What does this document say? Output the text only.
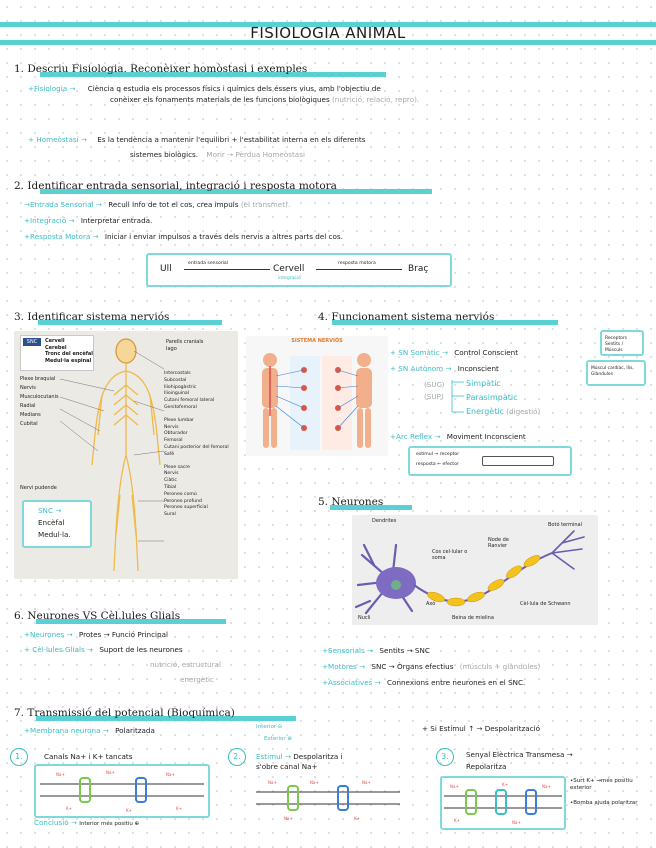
FISIOLOGIA ANIMAL
1. Descriu Fisiologia. Reconèixer homòstasi i exemples
+Fisiologia → Ciència q estudia els processos físics i químics dels éssers vius, amb l'objectiu de
conèixer els fonaments materials de les funcions biològiques (nutrició, relació, repro).
+ Homeòstasi → Es la tendència a mantenir l'equilibri + l'estabilitat interna en els diferents
sistemes biològics. Morir → Pèrdua Homeòstasi
2. Identificar entrada sensorial, integració i resposta motora
→Entrada Sensorial → Recull info de tot el cos, crea impuls (el transmet).
+Integració → Interpretar entrada.
+Resposta Motora → Iniciar i enviar impulsos a través dels nervis a altres parts del cos.
Ull
entrada sensorial
Cervell
integració
resposta motora
Braç
3. Identificar sistema nerviós
SNC	Cervell
Cerebel
Tronc del encèfal
Medul·la espinal
Plexe braquial
Nervis
Musculocutanis
Radial
Medians
Cubital
Nervi pudende
Parells cranials
Iago
Intercostals
Subcostal
Iliohipogàstric
Ilioinguinal
Cutani femoral lateral
Genitofemoral
Plexe lumbar
Nervis
Obturador
Femoral
Cutani posterior del femoral
Safè
Plexe sacre
Nervis
Ciàtic
Tibial
Peroneo comú
Peroneo profund
Peroneo superficial
Sural
SNC →
Encèfal
Medul·la.
4. Funcionament sistema nerviós
SISTEMA NERVIÓS
+ SN Somàtic → Control Conscient
+ SN Autònom → Inconscient
(SUC)
(SUP)
Simpàtic
Parasimpàtic
Energètic (digestió)
+Arc Reflex → Moviment Inconscient
Receptors Sentits / Músculs
Múscul cardíac, llis, Glàndules
estímul → receptor
resposta ← efector
5. Neurones
Dendrites
Botó terminal
Cos cel·lular o soma
Node de Ranvier
Axó	Cèl·lula de Schwann
Nucli	Beina de mielina
6. Neurones VS Cèl.lules Glials
+Neurones → Protes → Funció Principal
+ Cèl·lules Glials → Suport de les neurones
nutrició, estructural
energètic
+Sensorials → Sentits → SNC
+Motores → SNC → Òrgans efectius (músculs + glàndules)
+Associatives → Connexions entre neurones en el SNC.
7. Transmissió del potencial (Bioquímica)
+Membrana neurona → Polaritzada	Interior ⊖
Exterior ⊕
+ Si Estímul ↑ → Despolarització
1.	Canals Na+ i K+ tancats
Na+	Na+	Na+
K+	K+	K+
Conclusió → Interior més positiu ⊕
2.	Estímul → Despolaritza i
s'obre canal Na+
Na+	Na+	Na+
Na+	K+
3.	Senyal Elèctrica Transmesa →
Repolaritza
Na+	K+	Na+
K+	Na+
•Surt K+ →més positiu exterior
•Bomba ajuda polaritzar
